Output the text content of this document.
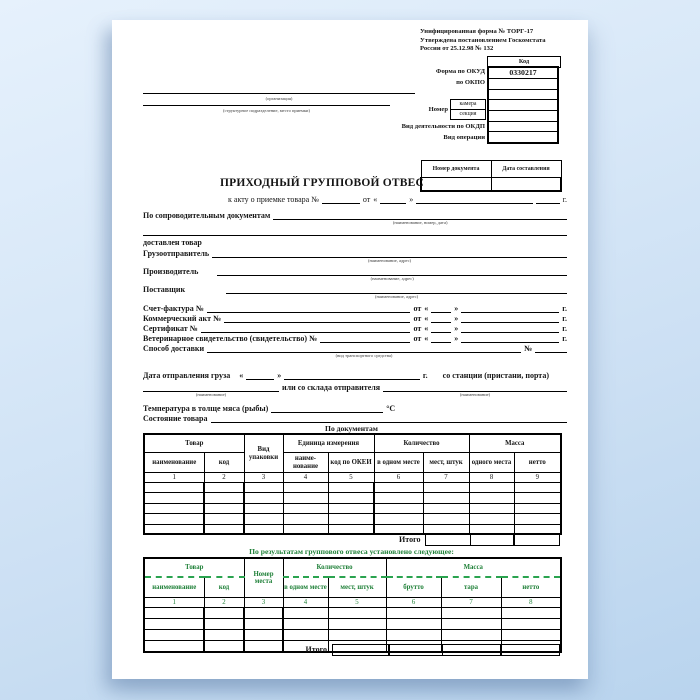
Унифицированная форма № ТОРГ-17
Утверждена постановлением Госкомстата
России от 25.12.98 № 132
Код
0330217
Форма по ОКУД
по ОКПО
Номер
камера
секция
Вид деятельности по ОКДП
Вид операции
(организация)
(структурное подразделение, место приемки)
Номер документа	Дата составления

ПРИХОДНЫЙ ГРУППОВОЙ ОТВЕС
к акту о приемке товара №	от «	»	г.
По сопроводительным документам
(наименование, номер, дата)
доставлен товар
Грузоотправитель
(наименование, адрес)
Производитель
(наименование, адрес)
Поставщик
(наименование, адрес)
Счет-фактура №	от «	»	г.
Коммерческий акт №	от «	»	г.
Сертификат №	от «	»	г.
Ветеринарное свидетельство (свидетельство) №	от «	»	г.
Способ доставки
(вид транспортного средства)
№
Дата отправления груза «	»	г. со станции (пристани, порта)
(наименование)
или со склада отправителя
(наименование)
Температура в толще мяса (рыбы)	°С
Состояние товара
По документам
Товар		Вид упаковки	Единица измерения		Количество		Масса	
наименование	код		наиме-нование	код по ОКЕИ	в одном месте	мест, штук	одного места	нетто
1	2	3	4	5	6	7	8	9

Итого
По результатам группового отвеса установлено следующее:
Товар		Номер места	Количество		Масса		
наименование	код		в одном месте	мест, штук	брутто	тара	нетто
1	2	3	4	5	6	7	8

Итого
